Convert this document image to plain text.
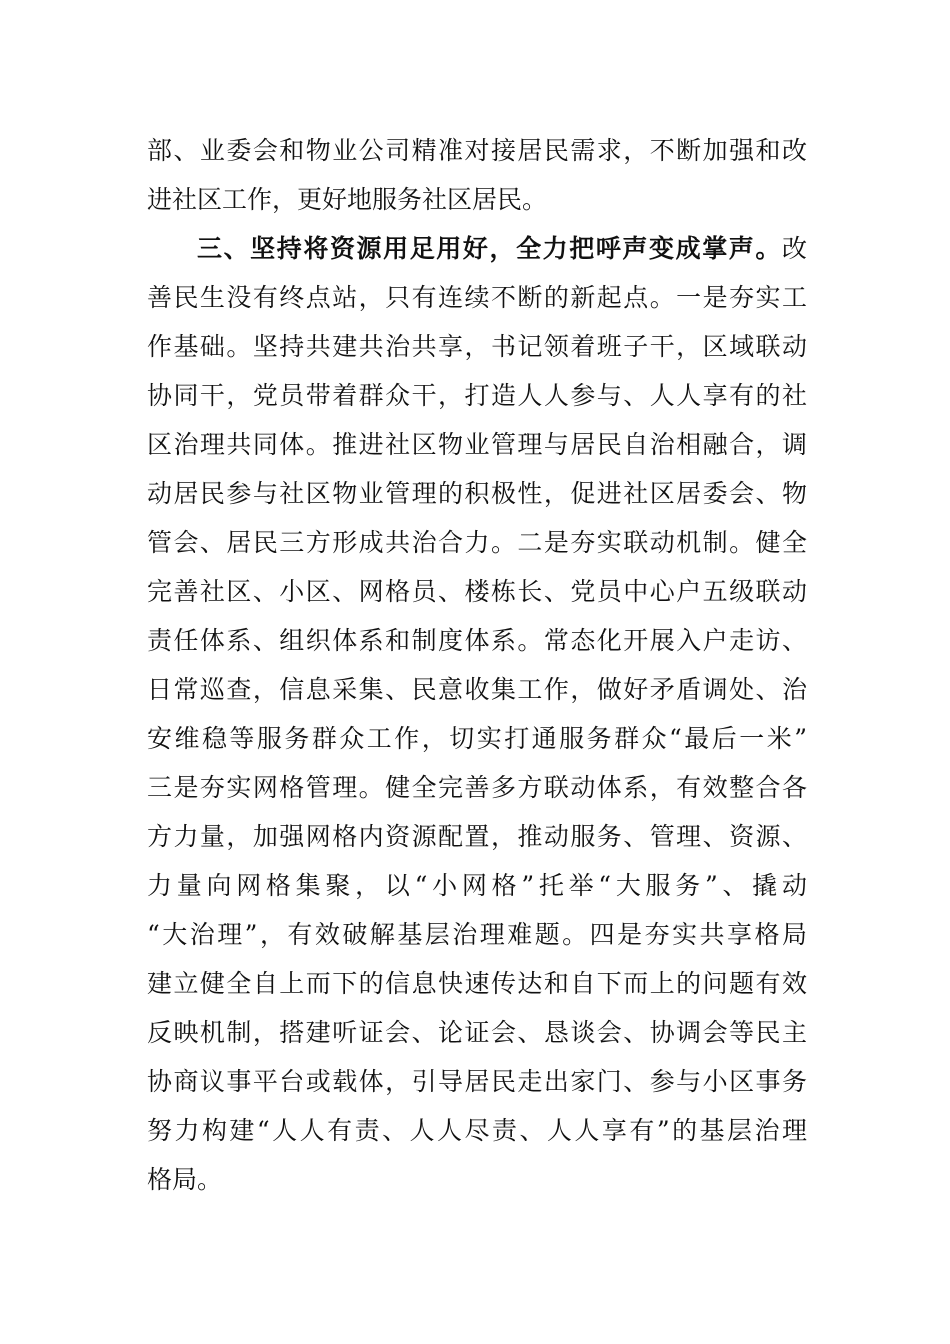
部、业委会和物业公司精准对接居民需求，不断加强和改
进社区工作，更好地服务社区居民。
三、坚持将资源用足用好，全力把呼声变成掌声。改
善民生没有终点站，只有连续不断的新起点。一是夯实工
作基础。坚持共建共治共享，书记领着班子干，区域联动
协同干，党员带着群众干，打造人人参与、人人享有的社
区治理共同体。推进社区物业管理与居民自治相融合，调
动居民参与社区物业管理的积极性，促进社区居委会、物
管会、居民三方形成共治合力。二是夯实联动机制。健全
完善社区、小区、网格员、楼栋长、党员中心户五级联动
责任体系、组织体系和制度体系。常态化开展入户走访、
日常巡查，信息采集、民意收集工作，做好矛盾调处、治
安维稳等服务群众工作，切实打通服务群众“最后一米”
三是夯实网格管理。健全完善多方联动体系，有效整合各
方力量，加强网格内资源配置，推动服务、管理、资源、
力量向网格集聚，以“小网格”托举“大服务”、撬动
“大治理”，有效破解基层治理难题。四是夯实共享格局
建立健全自上而下的信息快速传达和自下而上的问题有效
反映机制，搭建听证会、论证会、恳谈会、协调会等民主
协商议事平台或载体，引导居民走出家门、参与小区事务
努力构建“人人有责、人人尽责、人人享有”的基层治理
格局。
